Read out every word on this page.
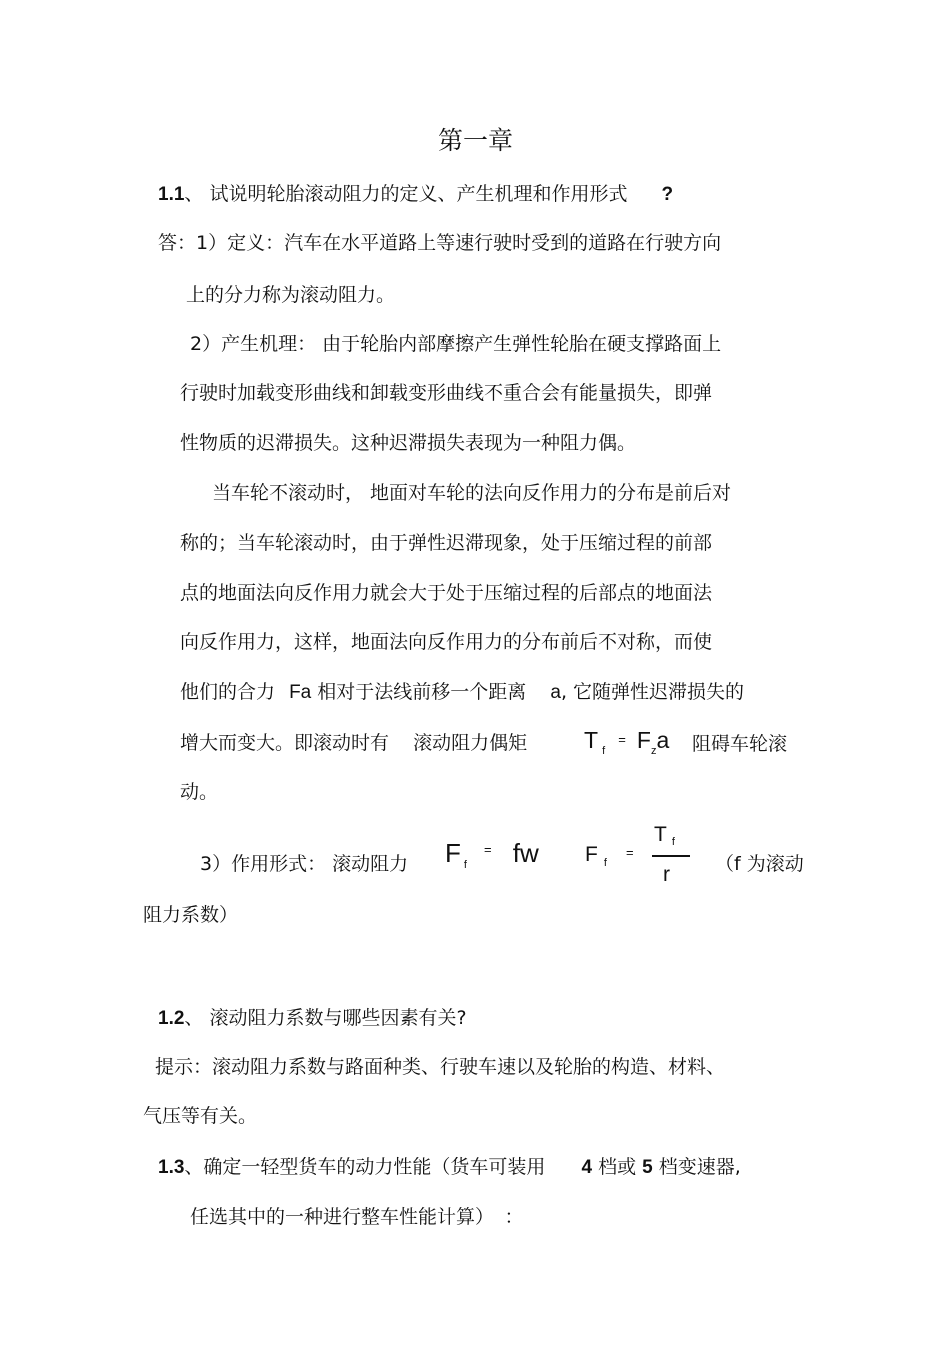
第一章
1.1、 试说明轮胎滚动阻力的定义、产生机理和作用形式 ?
答：1）定义：汽车在水平道路上等速行驶时受到的道路在行驶方向
上的分力称为滚动阻力。
2）产生机理： 由于轮胎内部摩擦产生弹性轮胎在硬支撑路面上
行驶时加载变形曲线和卸载变形曲线不重合会有能量损失，即弹
性物质的迟滞损失。这种迟滞损失表现为一种阻力偶。
当车轮不滚动时， 地面对车轮的法向反作用力的分布是前后对
称的；当车轮滚动时，由于弹性迟滞现象，处于压缩过程的前部
点的地面法向反作用力就会大于处于压缩过程的后部点的地面法
向反作用力，这样，地面法向反作用力的分布前后不对称，而使
他们的合力 Fa 相对于法线前移一个距离 a, 它随弹性迟滞损失的
增大而变大。即滚动时有 滚动阻力偶矩 T $_f$ = $F_za$ 阻碍车轮滚
动。
3）作用形式： 滚动阻力 F $_f$ = fw F $_f$ =
T $_f$
r （f 为滚动
阻力系数）
1.2、 滚动阻力系数与哪些因素有关?
提示：滚动阻力系数与路面种类、行驶车速以及轮胎的构造、材料、
气压等有关。
1.3、确定一轻型货车的动力性能（货车可装用 4 档或 5 档变速器,
任选其中的一种进行整车性能计算） ：
